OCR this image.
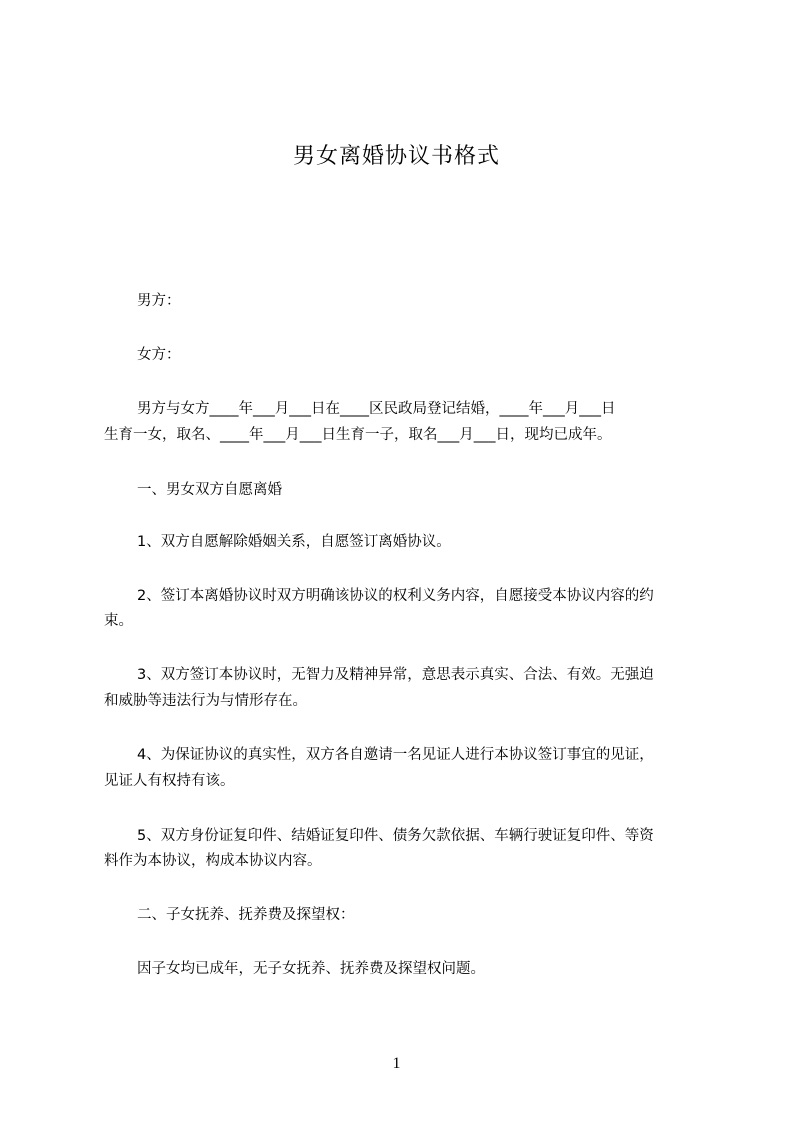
男女离婚协议书格式
男方：
女方：
男方与女方____年___月___日在____区民政局登记结婚，____年___月___日
生育一女，取名、____年___月___日生育一子，取名___月___日，现均已成年。
一、男女双方自愿离婚
1、双方自愿解除婚姻关系，自愿签订离婚协议。
2、签订本离婚协议时双方明确该协议的权利义务内容，自愿接受本协议内容的约
束。
3、双方签订本协议时，无智力及精神异常，意思表示真实、合法、有效。无强迫
和威胁等违法行为与情形存在。
4、为保证协议的真实性，双方各自邀请一名见证人进行本协议签订事宜的见证，
见证人有权持有该。
5、双方身份证复印件、结婚证复印件、债务欠款依据、车辆行驶证复印件、等资
料作为本协议，构成本协议内容。
二、子女抚养、抚养费及探望权：
因子女均已成年，无子女抚养、抚养费及探望权问题。
1
